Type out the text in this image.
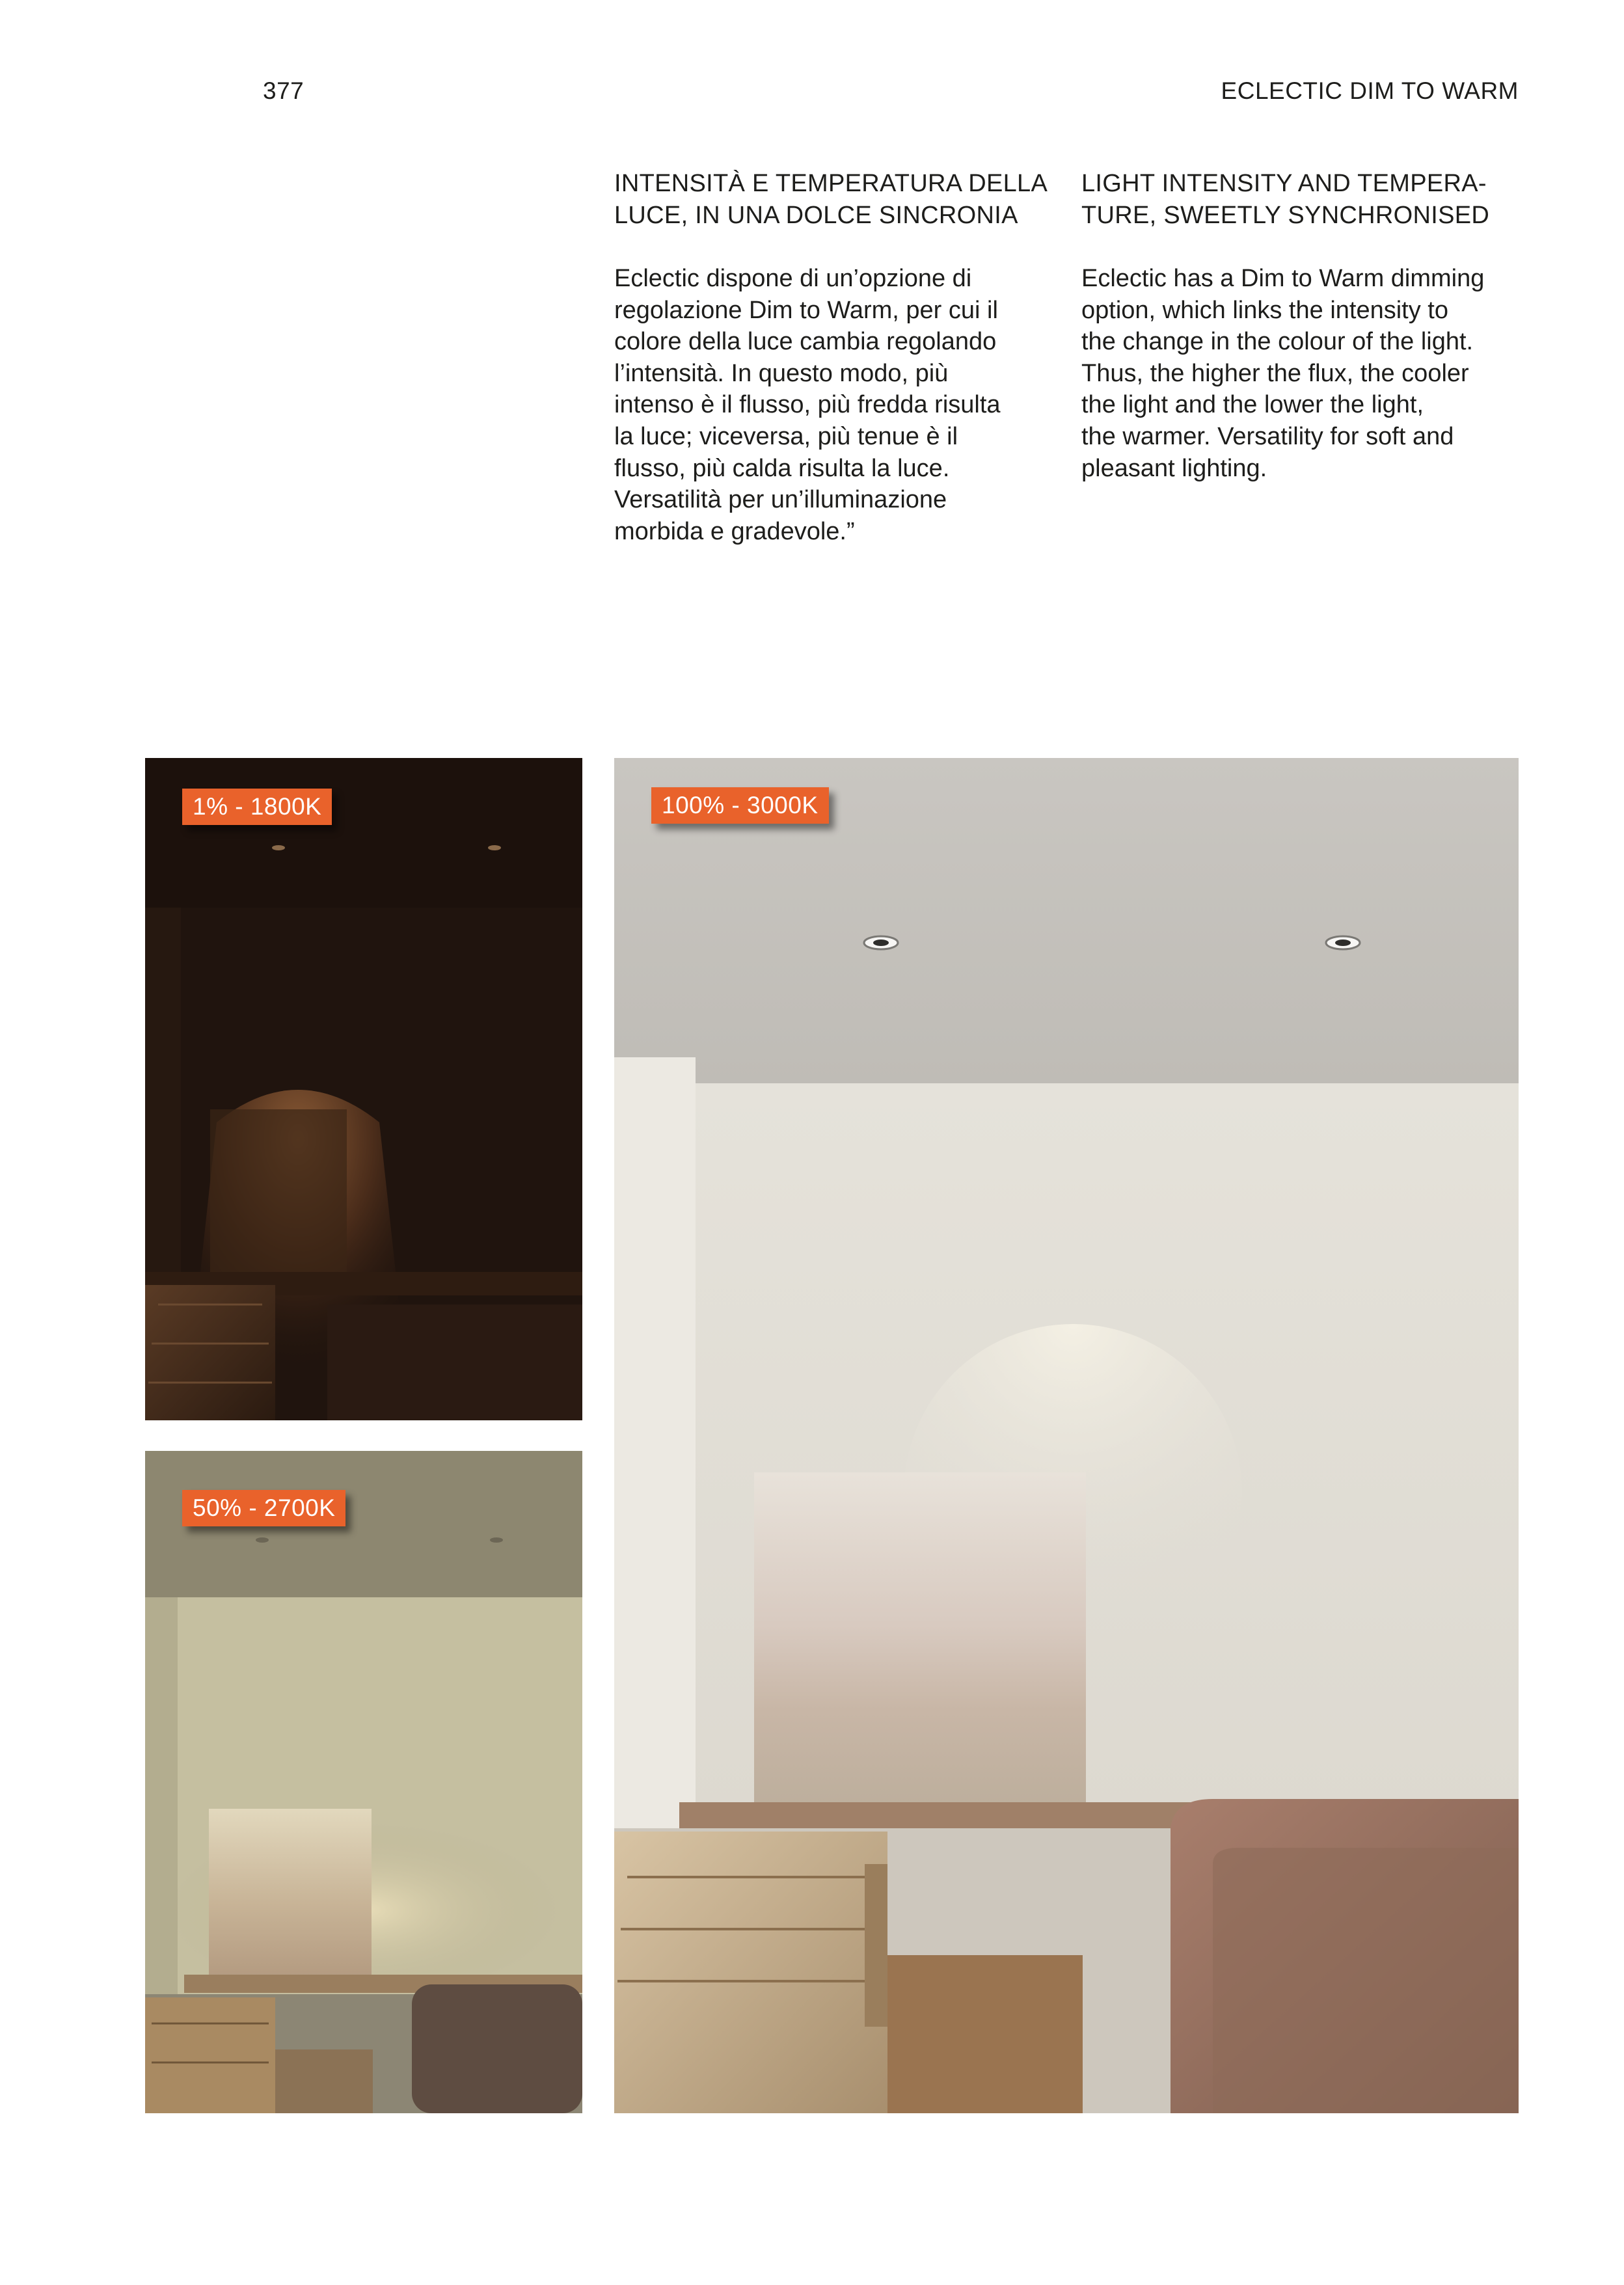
377	ECLECTIC DIM TO WARM
INTENSITÀ E TEMPERATURA DELLA
LUCE, IN UNA DOLCE SINCRONIA

Eclectic dispone di un’opzione di
regolazione Dim to Warm, per cui il
colore della luce cambia regolando
l’intensità. In questo modo, più
intenso è il flusso, più fredda risulta
la luce; viceversa, più tenue è il
flusso, più calda risulta la luce.
Versatilità per un’illuminazione
morbida e gradevole.”

LIGHT INTENSITY AND TEMPERA-
TURE, SWEETLY SYNCHRONISED

Eclectic has a Dim to Warm dimming
option, which links the intensity to
the change in the colour of the light.
Thus, the higher the flux, the cooler
the light and the lower the light,
the warmer. Versatility for soft and
pleasant lighting.

1% - 1800K
50% - 2700K
100% - 3000K
